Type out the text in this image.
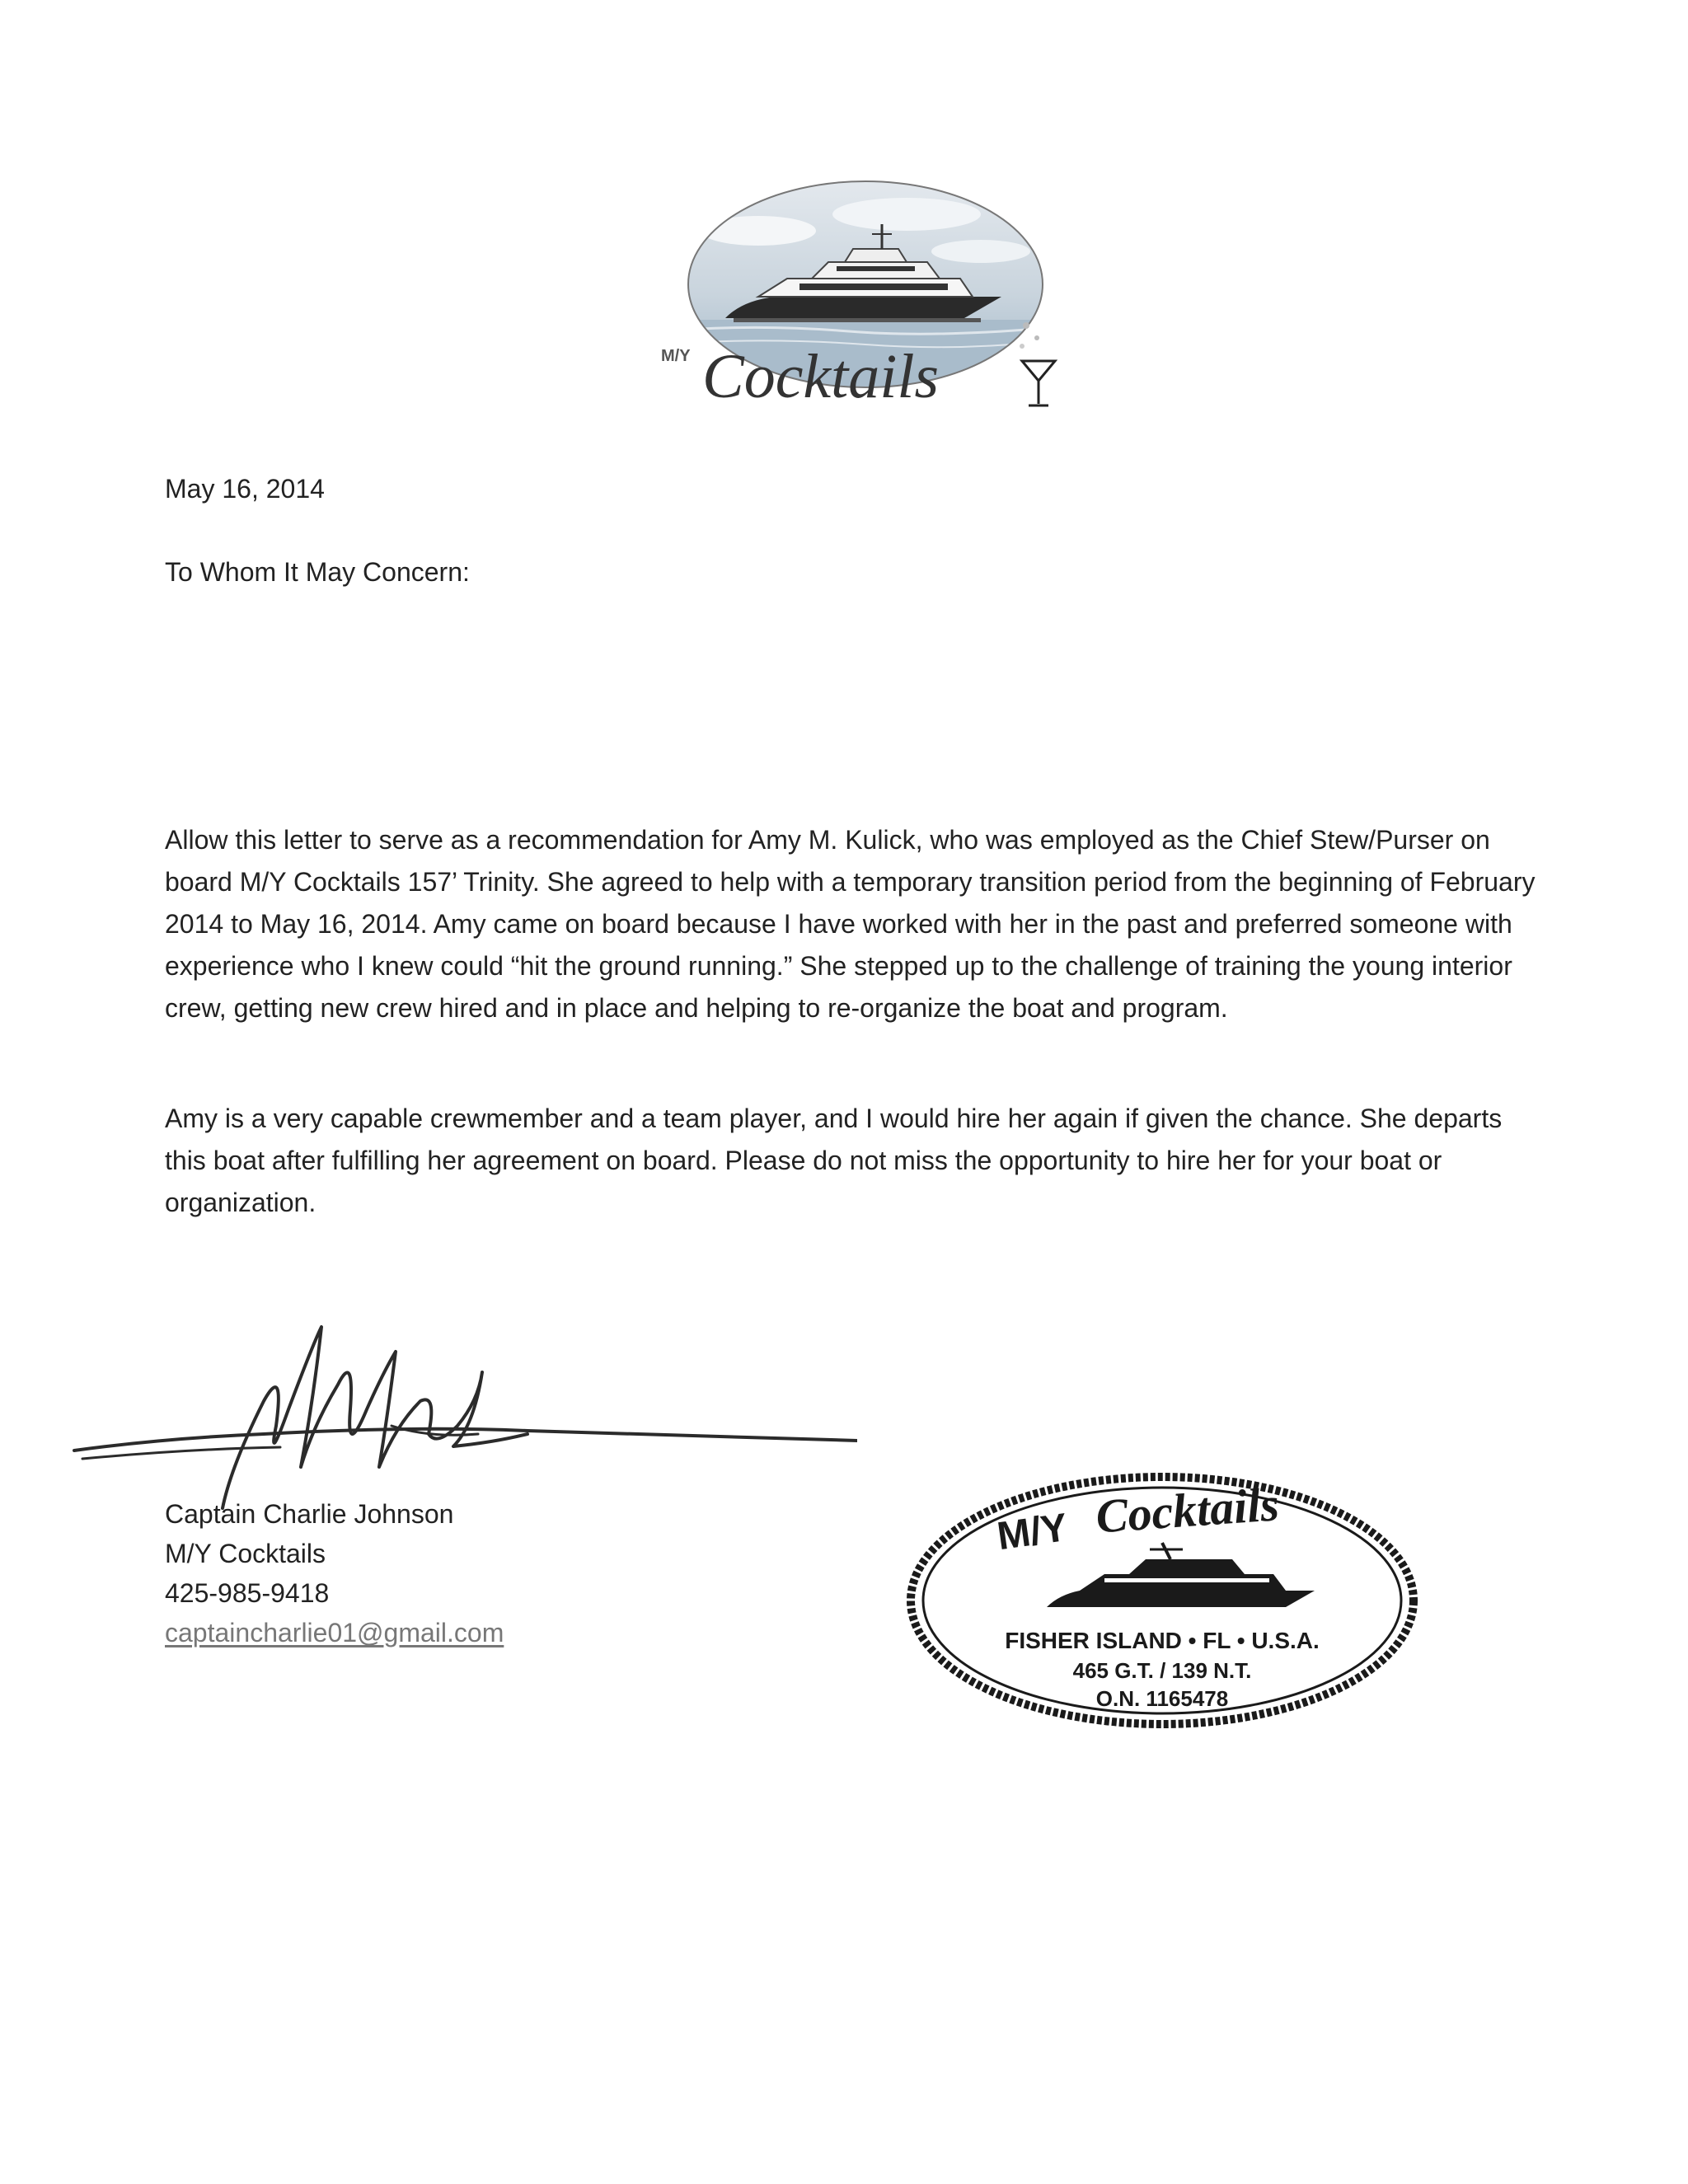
M/Y Cocktails
May 16, 2014
To Whom It May Concern:

Allow this letter to serve as a recommendation for Amy M. Kulick, who was employed as the Chief Stew/Purser on board M/Y Cocktails 157’ Trinity. She agreed to help with a temporary transition period from the beginning of February 2014 to May 16, 2014. Amy came on board because I have worked with her in the past and preferred someone with experience who I knew could “hit the ground running.” She stepped up to the challenge of training the young interior crew, getting new crew hired and in place and helping to re-organize the boat and program.

Amy is a very capable crewmember and a team player, and I would hire her again if given the chance. She departs this boat after fulfilling her agreement on board. Please do not miss the opportunity to hire her for your boat or organization.

Captain Charlie Johnson
M/Y Cocktails
425-985-9418
captaincharlie01@gmail.com
M/Y Cocktails
FISHER ISLAND • FL • U.S.A.
465 G.T. / 139 N.T.
O.N. 1165478
